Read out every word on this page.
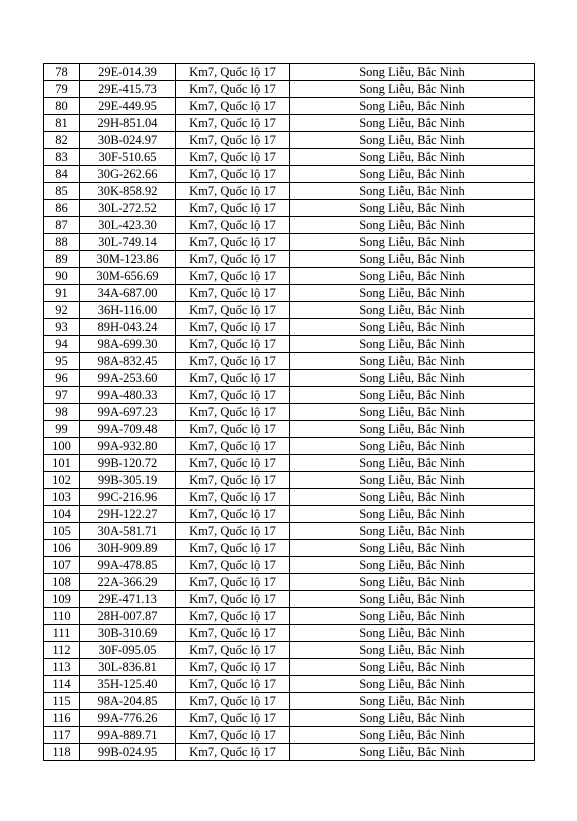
78	29E-014.39	Km7, Quốc lộ 17	Song Liễu, Bắc Ninh
79	29E-415.73	Km7, Quốc lộ 17	Song Liễu, Bắc Ninh
80	29E-449.95	Km7, Quốc lộ 17	Song Liễu, Bắc Ninh
81	29H-851.04	Km7, Quốc lộ 17	Song Liễu, Bắc Ninh
82	30B-024.97	Km7, Quốc lộ 17	Song Liễu, Bắc Ninh
83	30F-510.65	Km7, Quốc lộ 17	Song Liễu, Bắc Ninh
84	30G-262.66	Km7, Quốc lộ 17	Song Liễu, Bắc Ninh
85	30K-858.92	Km7, Quốc lộ 17	Song Liễu, Bắc Ninh
86	30L-272.52	Km7, Quốc lộ 17	Song Liễu, Bắc Ninh
87	30L-423.30	Km7, Quốc lộ 17	Song Liễu, Bắc Ninh
88	30L-749.14	Km7, Quốc lộ 17	Song Liễu, Bắc Ninh
89	30M-123.86	Km7, Quốc lộ 17	Song Liễu, Bắc Ninh
90	30M-656.69	Km7, Quốc lộ 17	Song Liễu, Bắc Ninh
91	34A-687.00	Km7, Quốc lộ 17	Song Liễu, Bắc Ninh
92	36H-116.00	Km7, Quốc lộ 17	Song Liễu, Bắc Ninh
93	89H-043.24	Km7, Quốc lộ 17	Song Liễu, Bắc Ninh
94	98A-699.30	Km7, Quốc lộ 17	Song Liễu, Bắc Ninh
95	98A-832.45	Km7, Quốc lộ 17	Song Liễu, Bắc Ninh
96	99A-253.60	Km7, Quốc lộ 17	Song Liễu, Bắc Ninh
97	99A-480.33	Km7, Quốc lộ 17	Song Liễu, Bắc Ninh
98	99A-697.23	Km7, Quốc lộ 17	Song Liễu, Bắc Ninh
99	99A-709.48	Km7, Quốc lộ 17	Song Liễu, Bắc Ninh
100	99A-932.80	Km7, Quốc lộ 17	Song Liễu, Bắc Ninh
101	99B-120.72	Km7, Quốc lộ 17	Song Liễu, Bắc Ninh
102	99B-305.19	Km7, Quốc lộ 17	Song Liễu, Bắc Ninh
103	99C-216.96	Km7, Quốc lộ 17	Song Liễu, Bắc Ninh
104	29H-122.27	Km7, Quốc lộ 17	Song Liễu, Bắc Ninh
105	30A-581.71	Km7, Quốc lộ 17	Song Liễu, Bắc Ninh
106	30H-909.89	Km7, Quốc lộ 17	Song Liễu, Bắc Ninh
107	99A-478.85	Km7, Quốc lộ 17	Song Liễu, Bắc Ninh
108	22A-366.29	Km7, Quốc lộ 17	Song Liễu, Bắc Ninh
109	29E-471.13	Km7, Quốc lộ 17	Song Liễu, Bắc Ninh
110	28H-007.87	Km7, Quốc lộ 17	Song Liễu, Bắc Ninh
111	30B-310.69	Km7, Quốc lộ 17	Song Liễu, Bắc Ninh
112	30F-095.05	Km7, Quốc lộ 17	Song Liễu, Bắc Ninh
113	30L-836.81	Km7, Quốc lộ 17	Song Liễu, Bắc Ninh
114	35H-125.40	Km7, Quốc lộ 17	Song Liễu, Bắc Ninh
115	98A-204.85	Km7, Quốc lộ 17	Song Liễu, Bắc Ninh
116	99A-776.26	Km7, Quốc lộ 17	Song Liễu, Bắc Ninh
117	99A-889.71	Km7, Quốc lộ 17	Song Liễu, Bắc Ninh
118	99B-024.95	Km7, Quốc lộ 17	Song Liễu, Bắc Ninh
